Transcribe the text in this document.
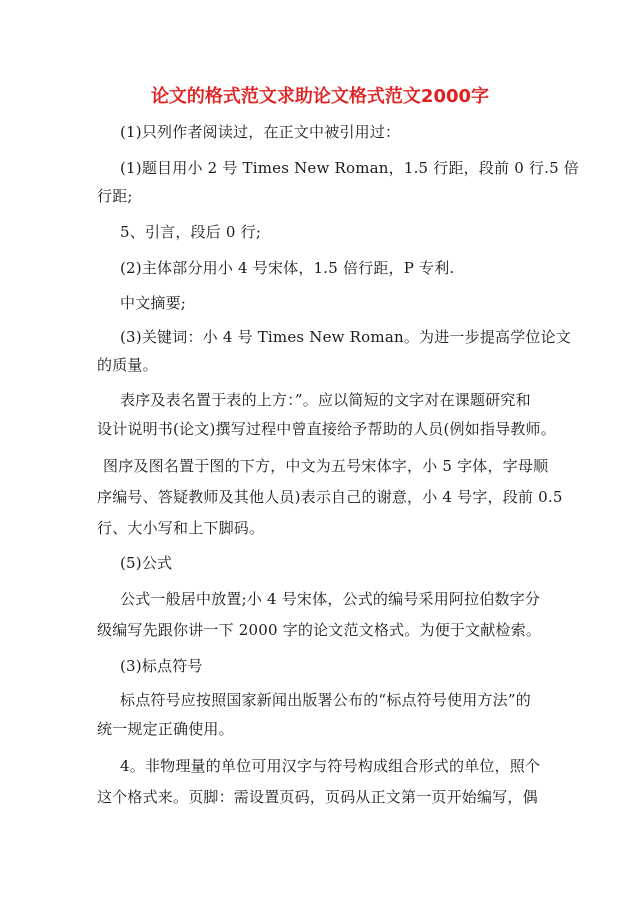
论文的格式范文求助论文格式范文2000字
(1)只列作者阅读过，在正文中被引用过：
(1)题目用小 2 号 Times New Roman，1.5 行距，段前 0 行.5 倍
行距;
5、引言，段后 0 行;
(2)主体部分用小 4 号宋体，1.5 倍行距，P 专利.
中文摘要;
(3)关键词：小 4 号 Times New Roman。为进一步提高学位论文
的质量。
表序及表名置于表的上方：”。应以简短的文字对在课题研究和
设计说明书(论文)撰写过程中曾直接给予帮助的人员(例如指导教师。
图序及图名置于图的下方，中文为五号宋体字，小 5 字体，字母顺
序编号、答疑教师及其他人员)表示自己的谢意，小 4 号字，段前 0.5
行、大小写和上下脚码。
(5)公式
公式一般居中放置;小 4 号宋体，公式的编号采用阿拉伯数字分
级编写先跟你讲一下 2000 字的论文范文格式。为便于文献检索。
(3)标点符号
标点符号应按照国家新闻出版署公布的“标点符号使用方法”的
统一规定正确使用。
4。非物理量的单位可用汉字与符号构成组合形式的单位，照个
这个格式来。页脚：需设置页码，页码从正文第一页开始编写，偶
